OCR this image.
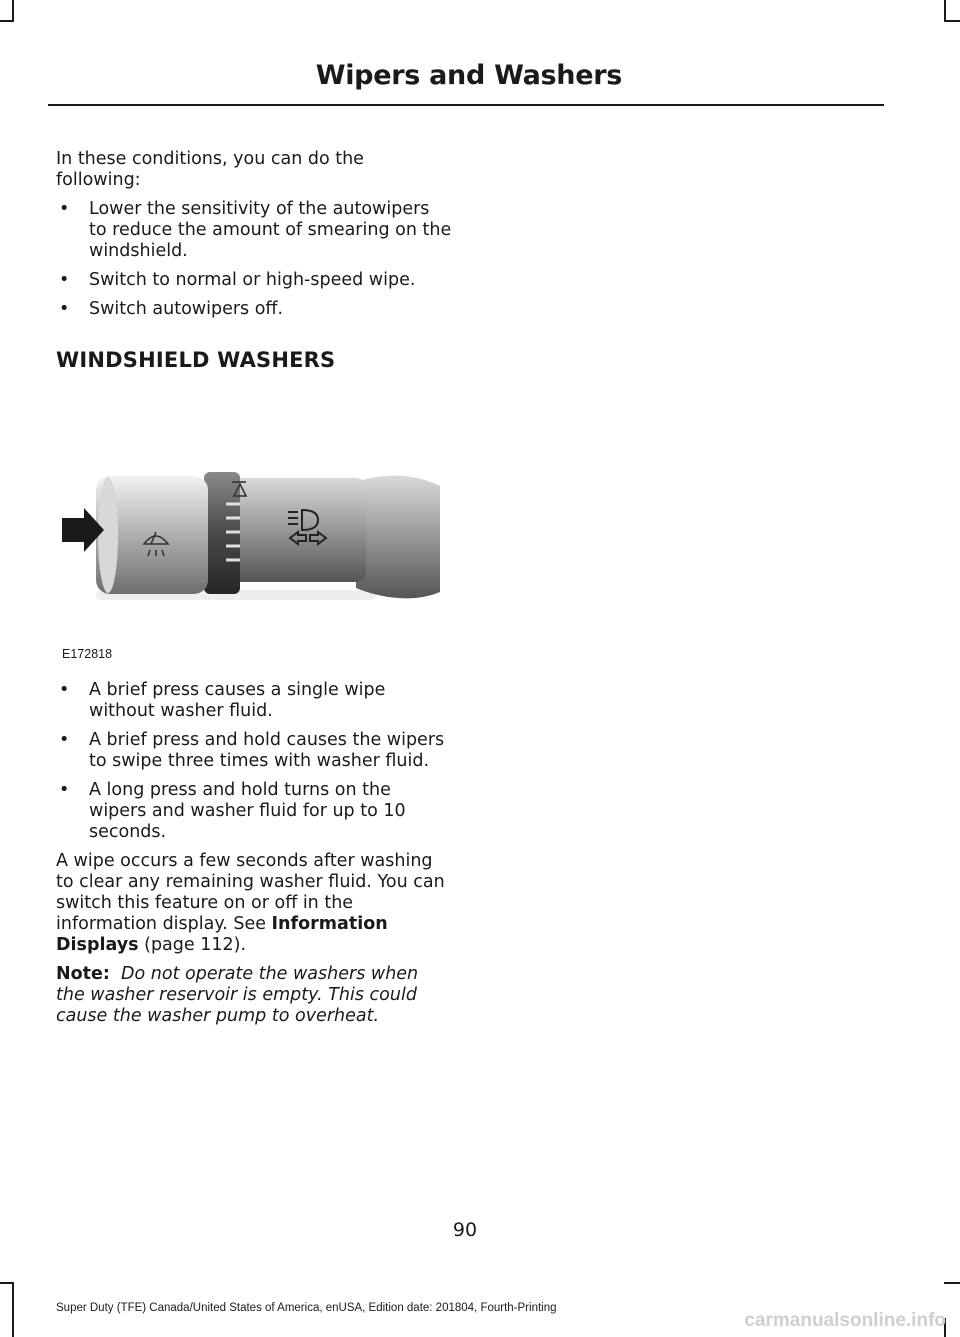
Wipers and Washers

In these conditions, you can do the following:

• Lower the sensitivity of the autowipers to reduce the amount of smearing on the windshield.
• Switch to normal or high-speed wipe.
• Switch autowipers off.
WINDSHIELD WASHERS
E172818
• A brief press causes a single wipe without washer fluid.
• A brief press and hold causes the wipers to swipe three times with washer fluid.
• A long press and hold turns on the wipers and washer fluid for up to 10 seconds.

A wipe occurs a few seconds after washing to clear any remaining washer fluid. You can switch this feature on or off in the information display. See Information Displays (page 112).

Note: Do not operate the washers when the washer reservoir is empty. This could cause the washer pump to overheat.

90
Super Duty (TFE) Canada/United States of America, enUSA, Edition date: 201804, Fourth-Printing
carmanualsonline.info
